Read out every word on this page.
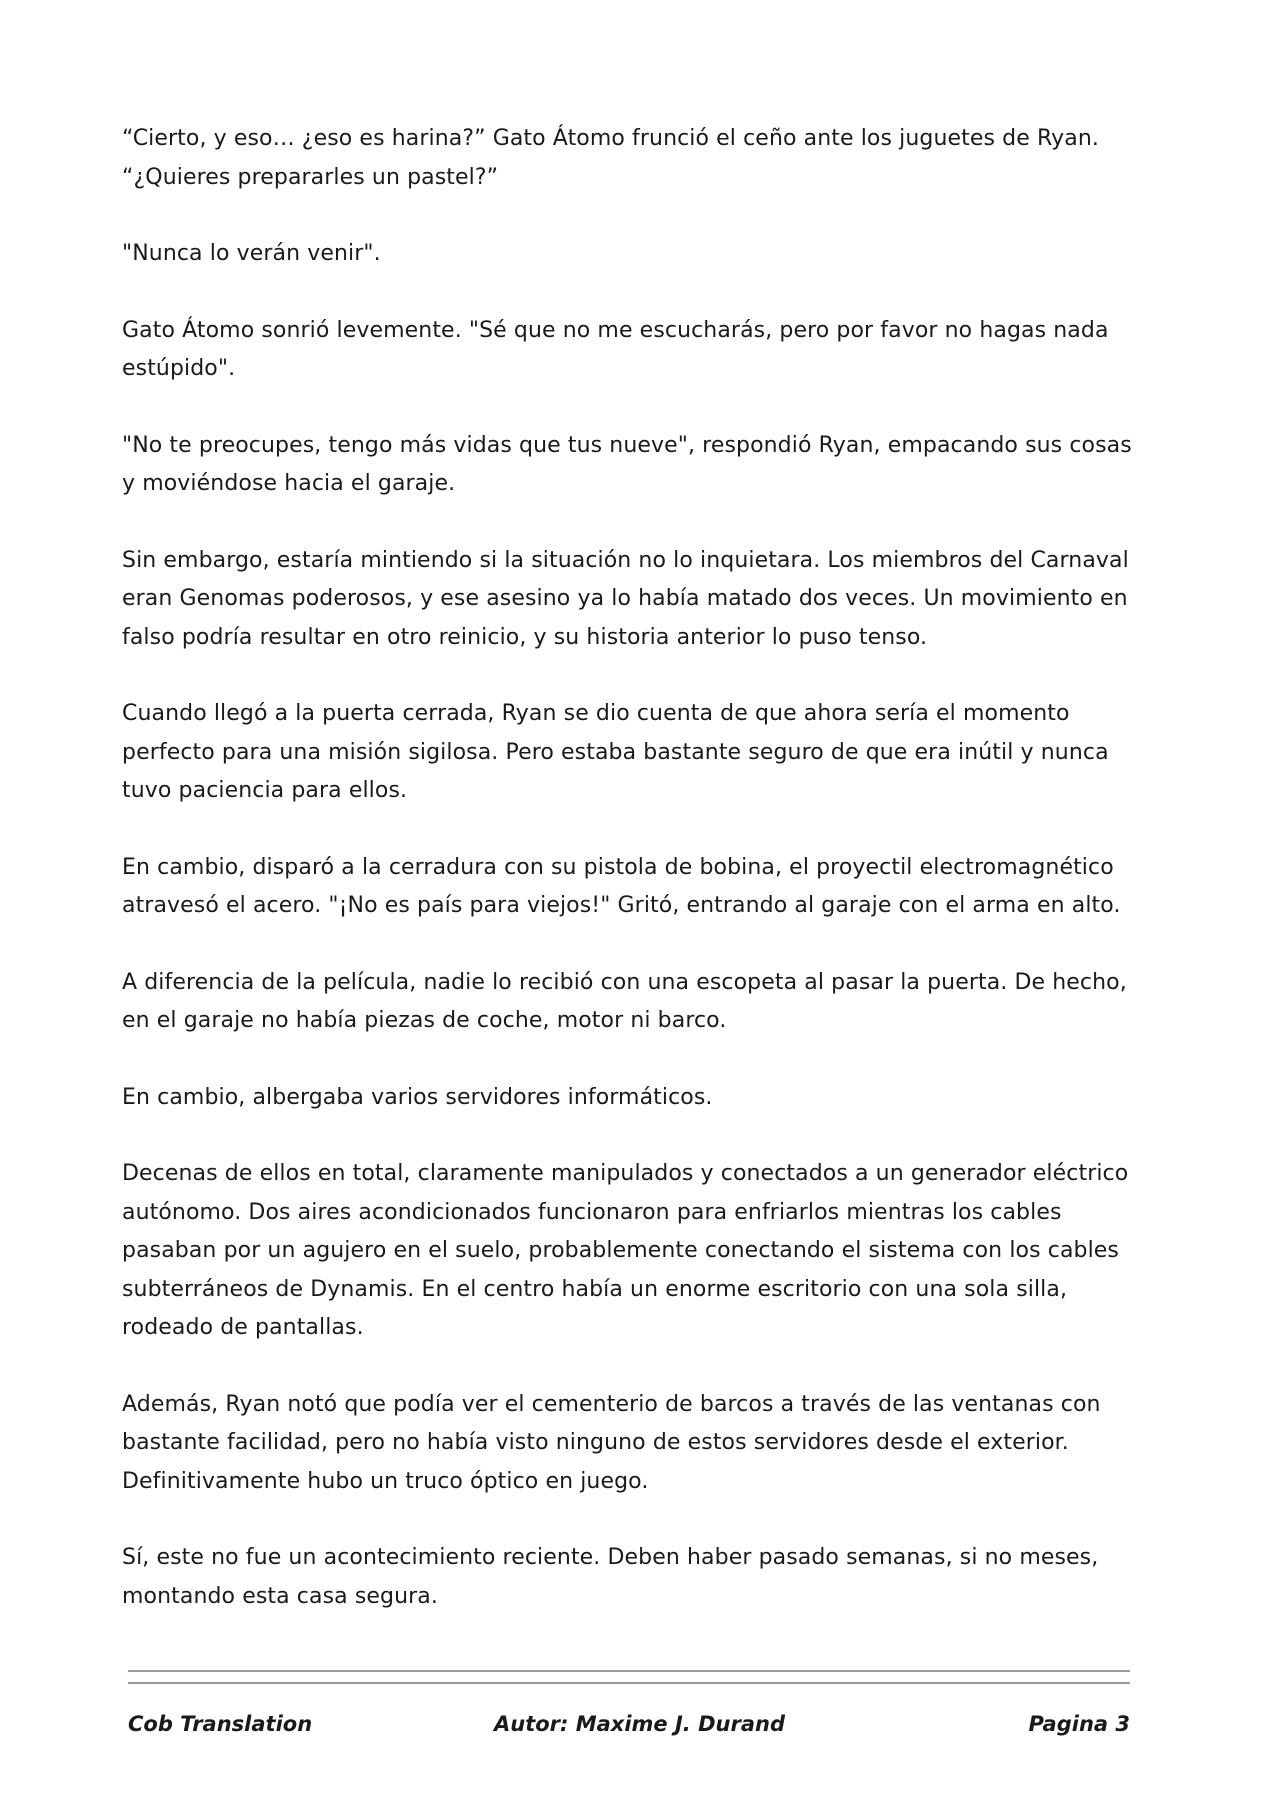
“Cierto, y eso… ¿eso es harina?” Gato Átomo frunció el ceño ante los juguetes de Ryan. “¿Quieres prepararles un pastel?”

"Nunca lo verán venir".

Gato Átomo sonrió levemente. "Sé que no me escucharás, pero por favor no hagas nada estúpido".

"No te preocupes, tengo más vidas que tus nueve", respondió Ryan, empacando sus cosas y moviéndose hacia el garaje.

Sin embargo, estaría mintiendo si la situación no lo inquietara. Los miembros del Carnaval eran Genomas poderosos, y ese asesino ya lo había matado dos veces. Un movimiento en falso podría resultar en otro reinicio, y su historia anterior lo puso tenso.

Cuando llegó a la puerta cerrada, Ryan se dio cuenta de que ahora sería el momento perfecto para una misión sigilosa. Pero estaba bastante seguro de que era inútil y nunca tuvo paciencia para ellos.

En cambio, disparó a la cerradura con su pistola de bobina, el proyectil electromagnético atravesó el acero. "¡No es país para viejos!" Gritó, entrando al garaje con el arma en alto.

A diferencia de la película, nadie lo recibió con una escopeta al pasar la puerta. De hecho, en el garaje no había piezas de coche, motor ni barco.

En cambio, albergaba varios servidores informáticos.

Decenas de ellos en total, claramente manipulados y conectados a un generador eléctrico autónomo. Dos aires acondicionados funcionaron para enfriarlos mientras los cables pasaban por un agujero en el suelo, probablemente conectando el sistema con los cables subterráneos de Dynamis. En el centro había un enorme escritorio con una sola silla, rodeado de pantallas.

Además, Ryan notó que podía ver el cementerio de barcos a través de las ventanas con bastante facilidad, pero no había visto ninguno de estos servidores desde el exterior. Definitivamente hubo un truco óptico en juego.

Sí, este no fue un acontecimiento reciente. Deben haber pasado semanas, si no meses, montando esta casa segura.

Cob Translation	Autor: Maxime J. Durand	Pagina 3
